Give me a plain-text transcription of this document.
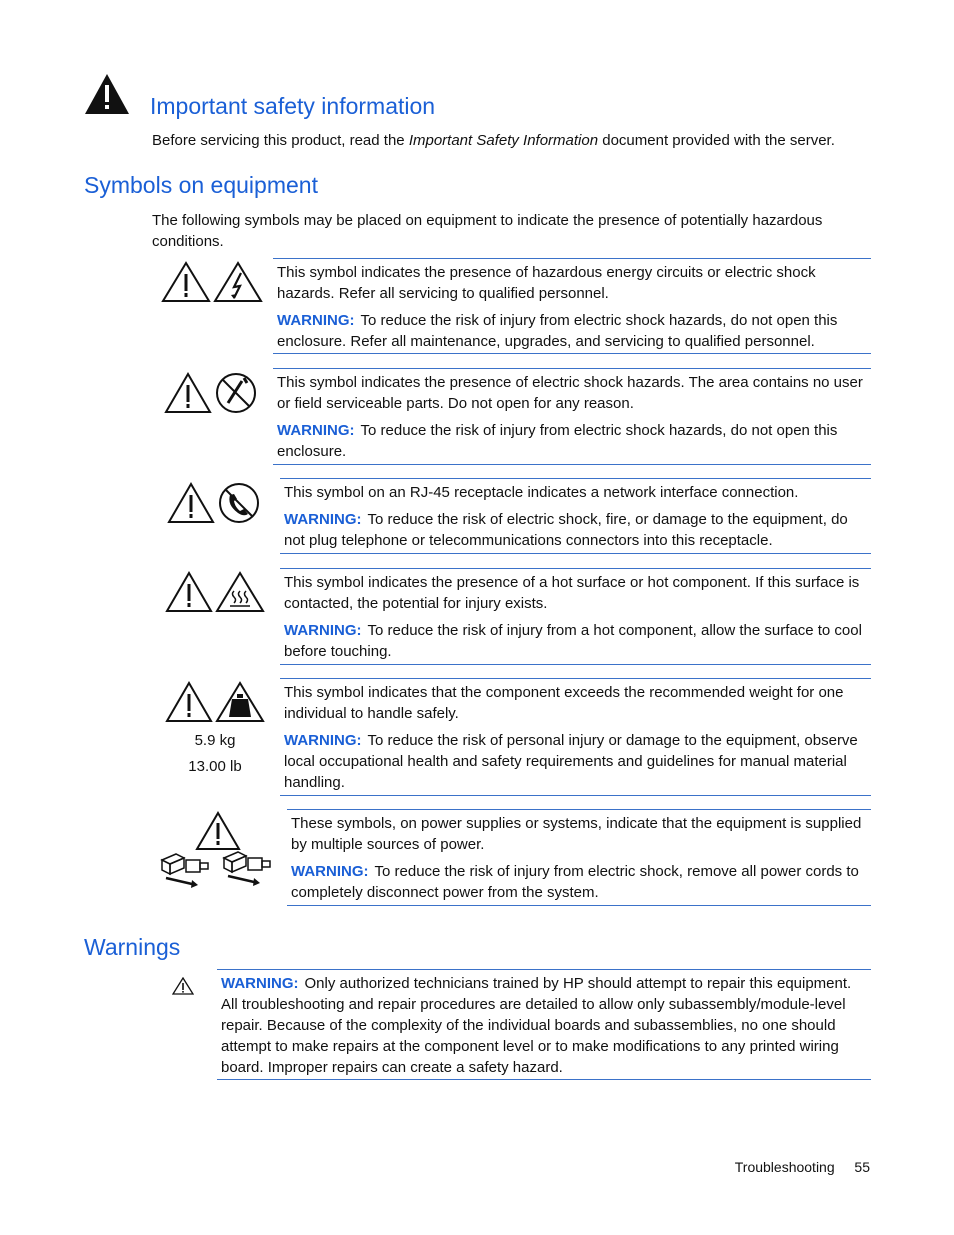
Important safety information

Before servicing this product, read the Important Safety Information document provided with the server.

Symbols on equipment

The following symbols may be placed on equipment to indicate the presence of potentially hazardous conditions.

This symbol indicates the presence of hazardous energy circuits or electric shock hazards. Refer all servicing to qualified personnel.

WARNING: To reduce the risk of injury from electric shock hazards, do not open this enclosure. Refer all maintenance, upgrades, and servicing to qualified personnel.

This symbol indicates the presence of electric shock hazards. The area contains no user or field serviceable parts. Do not open for any reason.

WARNING: To reduce the risk of injury from electric shock hazards, do not open this enclosure.

This symbol on an RJ-45 receptacle indicates a network interface connection.

WARNING: To reduce the risk of electric shock, fire, or damage to the equipment, do not plug telephone or telecommunications connectors into this receptacle.

This symbol indicates the presence of a hot surface or hot component. If this surface is contacted, the potential for injury exists.

WARNING: To reduce the risk of injury from a hot component, allow the surface to cool before touching.

5.9 kg
13.00 lb

This symbol indicates that the component exceeds the recommended weight for one individual to handle safely.

WARNING: To reduce the risk of personal injury or damage to the equipment, observe local occupational health and safety requirements and guidelines for manual material handling.

These symbols, on power supplies or systems, indicate that the equipment is supplied by multiple sources of power.

WARNING: To reduce the risk of injury from electric shock, remove all power cords to completely disconnect power from the system.

Warnings

WARNING: Only authorized technicians trained by HP should attempt to repair this equipment. All troubleshooting and repair procedures are detailed to allow only subassembly/module-level repair. Because of the complexity of the individual boards and subassemblies, no one should attempt to make repairs at the component level or to make modifications to any printed wiring board. Improper repairs can create a safety hazard.

Troubleshooting 55
